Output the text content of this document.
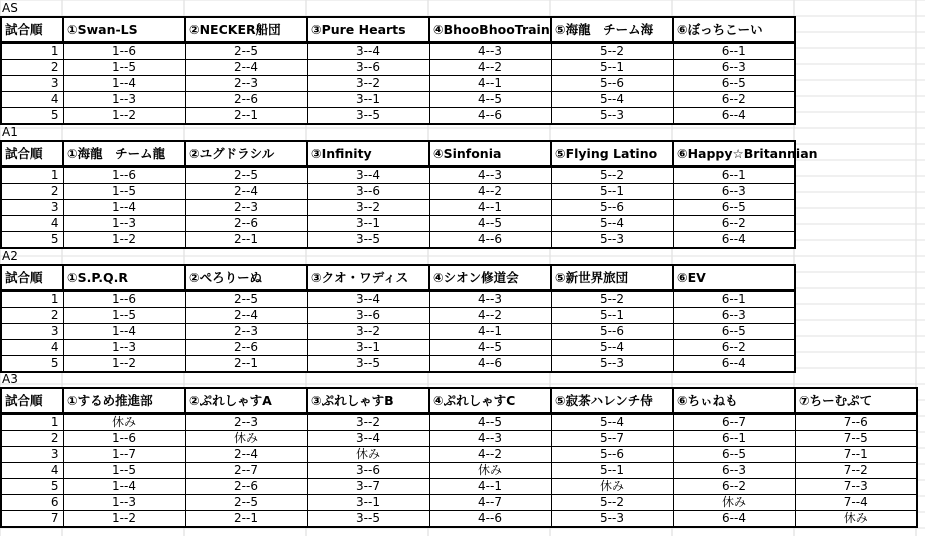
AS
試合順	①Swan-LS	②NECKER船団	③Pure Hearts	④BhooBhooTrain	⑤海龍　チーム海	⑥ぼっちこーい
1	1--6	2--5	3--4	4--3	5--2	6--1
2	1--5	2--4	3--6	4--2	5--1	6--3
3	1--4	2--3	3--2	4--1	5--6	6--5
4	1--3	2--6	3--1	4--5	5--4	6--2
5	1--2	2--1	3--5	4--6	5--3	6--4
A1
試合順	①海龍　チーム龍	②ユグドラシル	③Infinity	④Sinfonia	⑤Flying Latino	⑥Happy☆Britannian
1	1--6	2--5	3--4	4--3	5--2	6--1
2	1--5	2--4	3--6	4--2	5--1	6--3
3	1--4	2--3	3--2	4--1	5--6	6--5
4	1--3	2--6	3--1	4--5	5--4	6--2
5	1--2	2--1	3--5	4--6	5--3	6--4
A2
試合順	①S.P.Q.R	②ぺろりーぬ	③クオ・ワディス	④シオン修道会	⑤新世界旅団	⑥EV
1	1--6	2--5	3--4	4--3	5--2	6--1
2	1--5	2--4	3--6	4--2	5--1	6--3
3	1--4	2--3	3--2	4--1	5--6	6--5
4	1--3	2--6	3--1	4--5	5--4	6--2
5	1--2	2--1	3--5	4--6	5--3	6--4
A3
試合順	①するめ推進部	②ぷれしゃすA	③ぷれしゃすB	④ぷれしゃすC	⑤寂茶ハレンチ侍	⑥ちぃねも	⑦ちーむぷて
1	休み	2--3	3--2	4--5	5--4	6--7	7--6
2	1--6	休み	3--4	4--3	5--7	6--1	7--5
3	1--7	2--4	休み	4--2	5--6	6--5	7--1
4	1--5	2--7	3--6	休み	5--1	6--3	7--2
5	1--4	2--6	3--7	4--1	休み	6--2	7--3
6	1--3	2--5	3--1	4--7	5--2	休み	7--4
7	1--2	2--1	3--5	4--6	5--3	6--4	休み
